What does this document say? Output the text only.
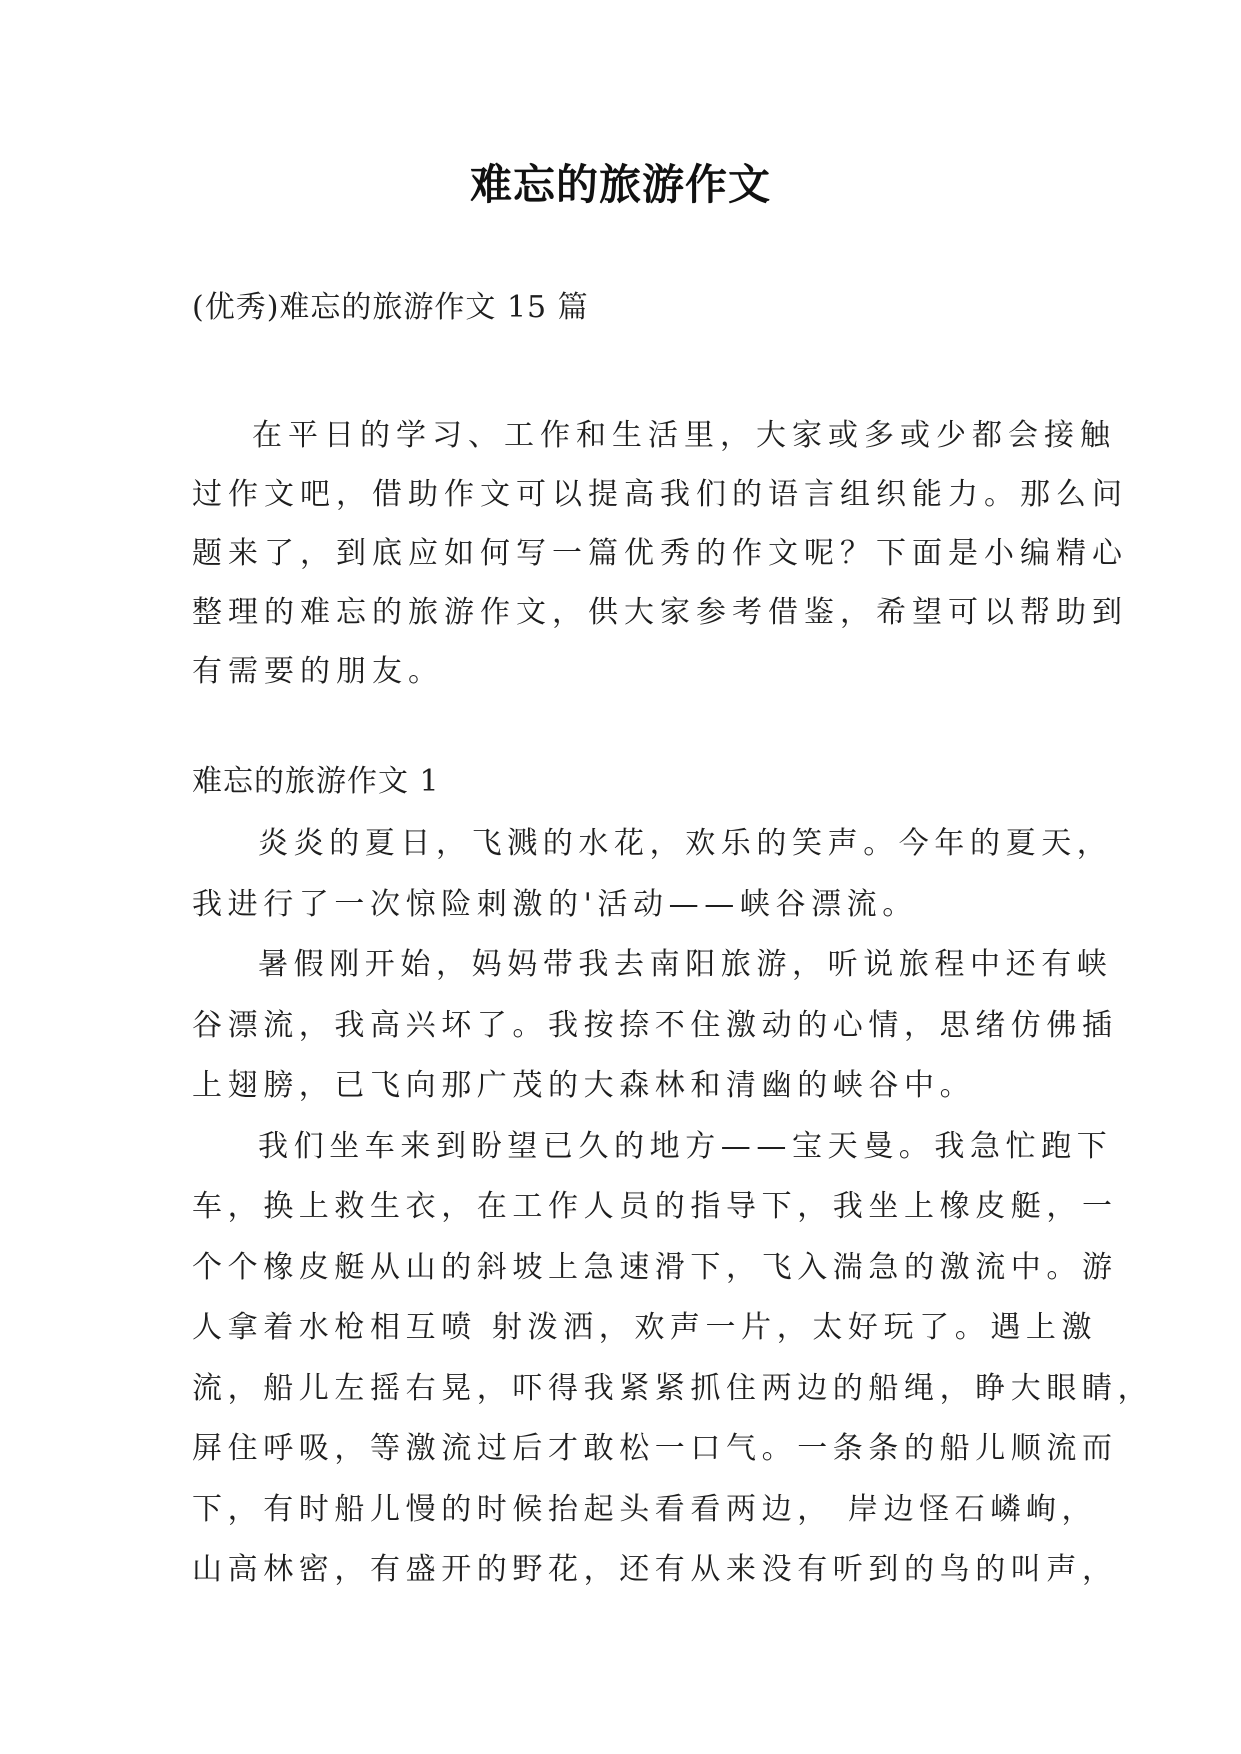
难忘的旅游作文
(优秀)难忘的旅游作文 15 篇
在平日的学习、工作和生活里，大家或多或少都会接触
过作文吧，借助作文可以提高我们的语言组织能力。那么问
题来了，到底应如何写一篇优秀的作文呢？下面是小编精心
整理的难忘的旅游作文，供大家参考借鉴，希望可以帮助到
有需要的朋友。
难忘的旅游作文 1
炎炎的夏日，飞溅的水花，欢乐的笑声。今年的夏天，
我进行了一次惊险刺激的'活动——峡谷漂流。
暑假刚开始，妈妈带我去南阳旅游，听说旅程中还有峡
谷漂流，我高兴坏了。我按捺不住激动的心情，思绪仿佛插
上翅膀，已飞向那广茂的大森林和清幽的峡谷中。
我们坐车来到盼望已久的地方——宝天曼。我急忙跑下
车，换上救生衣，在工作人员的指导下，我坐上橡皮艇，一
个个橡皮艇从山的斜坡上急速滑下，飞入湍急的激流中。游
人拿着水枪相互喷 射泼洒，欢声一片，太好玩了。遇上激
流，船儿左摇右晃，吓得我紧紧抓住两边的船绳，睁大眼睛，
屏住呼吸，等激流过后才敢松一口气。一条条的船儿顺流而
下，有时船儿慢的时候抬起头看看两边， 岸边怪石嶙峋，
山高林密，有盛开的野花，还有从来没有听到的鸟的叫声，
